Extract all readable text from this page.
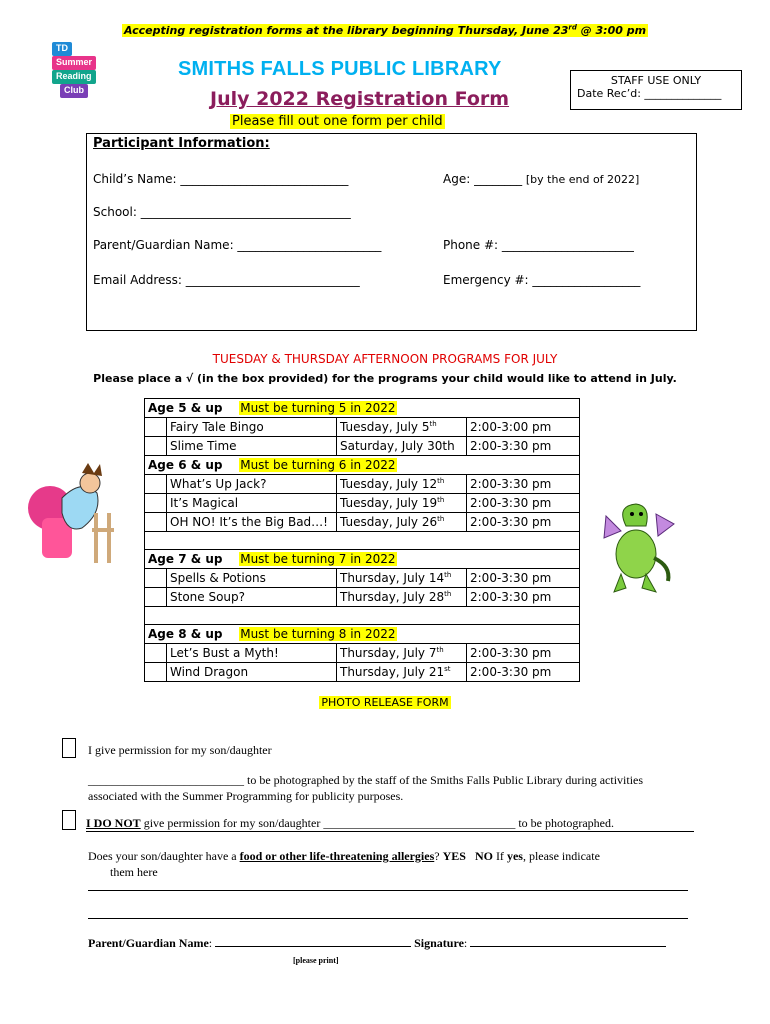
Accepting registration forms at the library beginning Thursday, June 23rd @ 3:00 pm
TD
Summer
Reading
Club
SMITHS FALLS PUBLIC LIBRARY
July 2022 Registration Form
Please fill out one form per child
STAFF USE ONLY
Date Rec’d: ______________
Participant Information:
Child’s Name: ____________________________	Age: ________ [by the end of 2022]
School: ___________________________________
Parent/Guardian Name: ________________________	Phone #: ______________________
Email Address: _____________________________	Emergency #: __________________
TUESDAY & THURSDAY AFTERNOON PROGRAMS FOR JULY
Please place a √ (in the box provided) for the programs your child would like to attend in July.
Age 5 & up Must be turning 5 in 2022			
	Fairy Tale Bingo	Tuesday, July 5th	2:00-3:00 pm
	Slime Time	Saturday, July 30th	2:00-3:30 pm
Age 6 & up Must be turning 6 in 2022			
	What’s Up Jack?	Tuesday, July 12th	2:00-3:30 pm
	It’s Magical	Tuesday, July 19th	2:00-3:30 pm
	OH NO! It’s the Big Bad…!	Tuesday, July 26th	2:00-3:30 pm

Age 7 & up Must be turning 7 in 2022			
	Spells & Potions	Thursday, July 14th	2:00-3:30 pm
	Stone Soup?	Thursday, July 28th	2:00-3:30 pm

Age 8 & up Must be turning 8 in 2022			
	Let’s Bust a Myth!	Thursday, July 7th	2:00-3:30 pm
	Wind Dragon	Thursday, July 21st	2:00-3:30 pm
PHOTO RELEASE FORM
I give permission for my son/daughter
__________________________ to be photographed by the staff of the Smiths Falls Public Library during activities associated with the Summer Programming for publicity purposes.
I DO NOT give permission for my son/daughter ________________________________ to be photographed.
Does your son/daughter have a food or other life-threatening allergies? YES NO If yes, please indicate
them here
Parent/Guardian Name:	Signature:
[please print]
